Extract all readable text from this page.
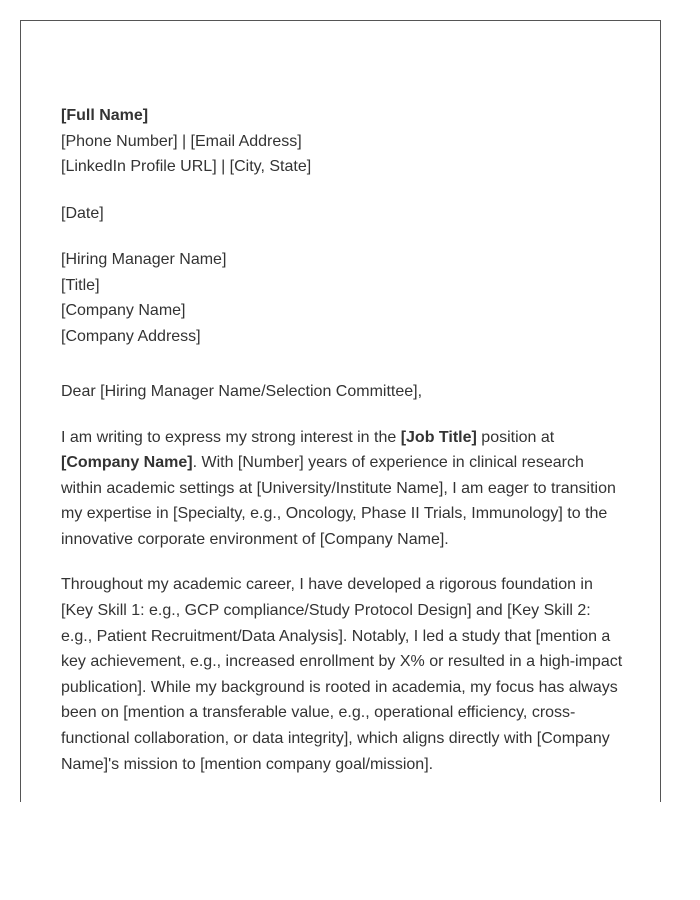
[Full Name]
[Phone Number] | [Email Address]
[LinkedIn Profile URL] | [City, State]
[Date]
[Hiring Manager Name]
[Title]
[Company Name]
[Company Address]
Dear [Hiring Manager Name/Selection Committee],

I am writing to express my strong interest in the [Job Title] position at
[Company Name]. With [Number] years of experience in clinical research within academic settings at [University/Institute Name], I am eager to transition my expertise in [Specialty, e.g., Oncology, Phase II Trials, Immunology] to the innovative corporate environment of [Company Name].

Throughout my academic career, I have developed a rigorous foundation in [Key Skill 1: e.g., GCP compliance/Study Protocol Design] and [Key Skill 2: e.g., Patient Recruitment/Data Analysis]. Notably, I led a study that [mention a key achievement, e.g., increased enrollment by X% or resulted in a high-impact publication]. While my background is rooted in academia, my focus has always been on [mention a transferable value, e.g., operational efficiency, cross-functional collaboration, or data integrity], which aligns directly with [Company Name]'s mission to [mention company goal/mission].
